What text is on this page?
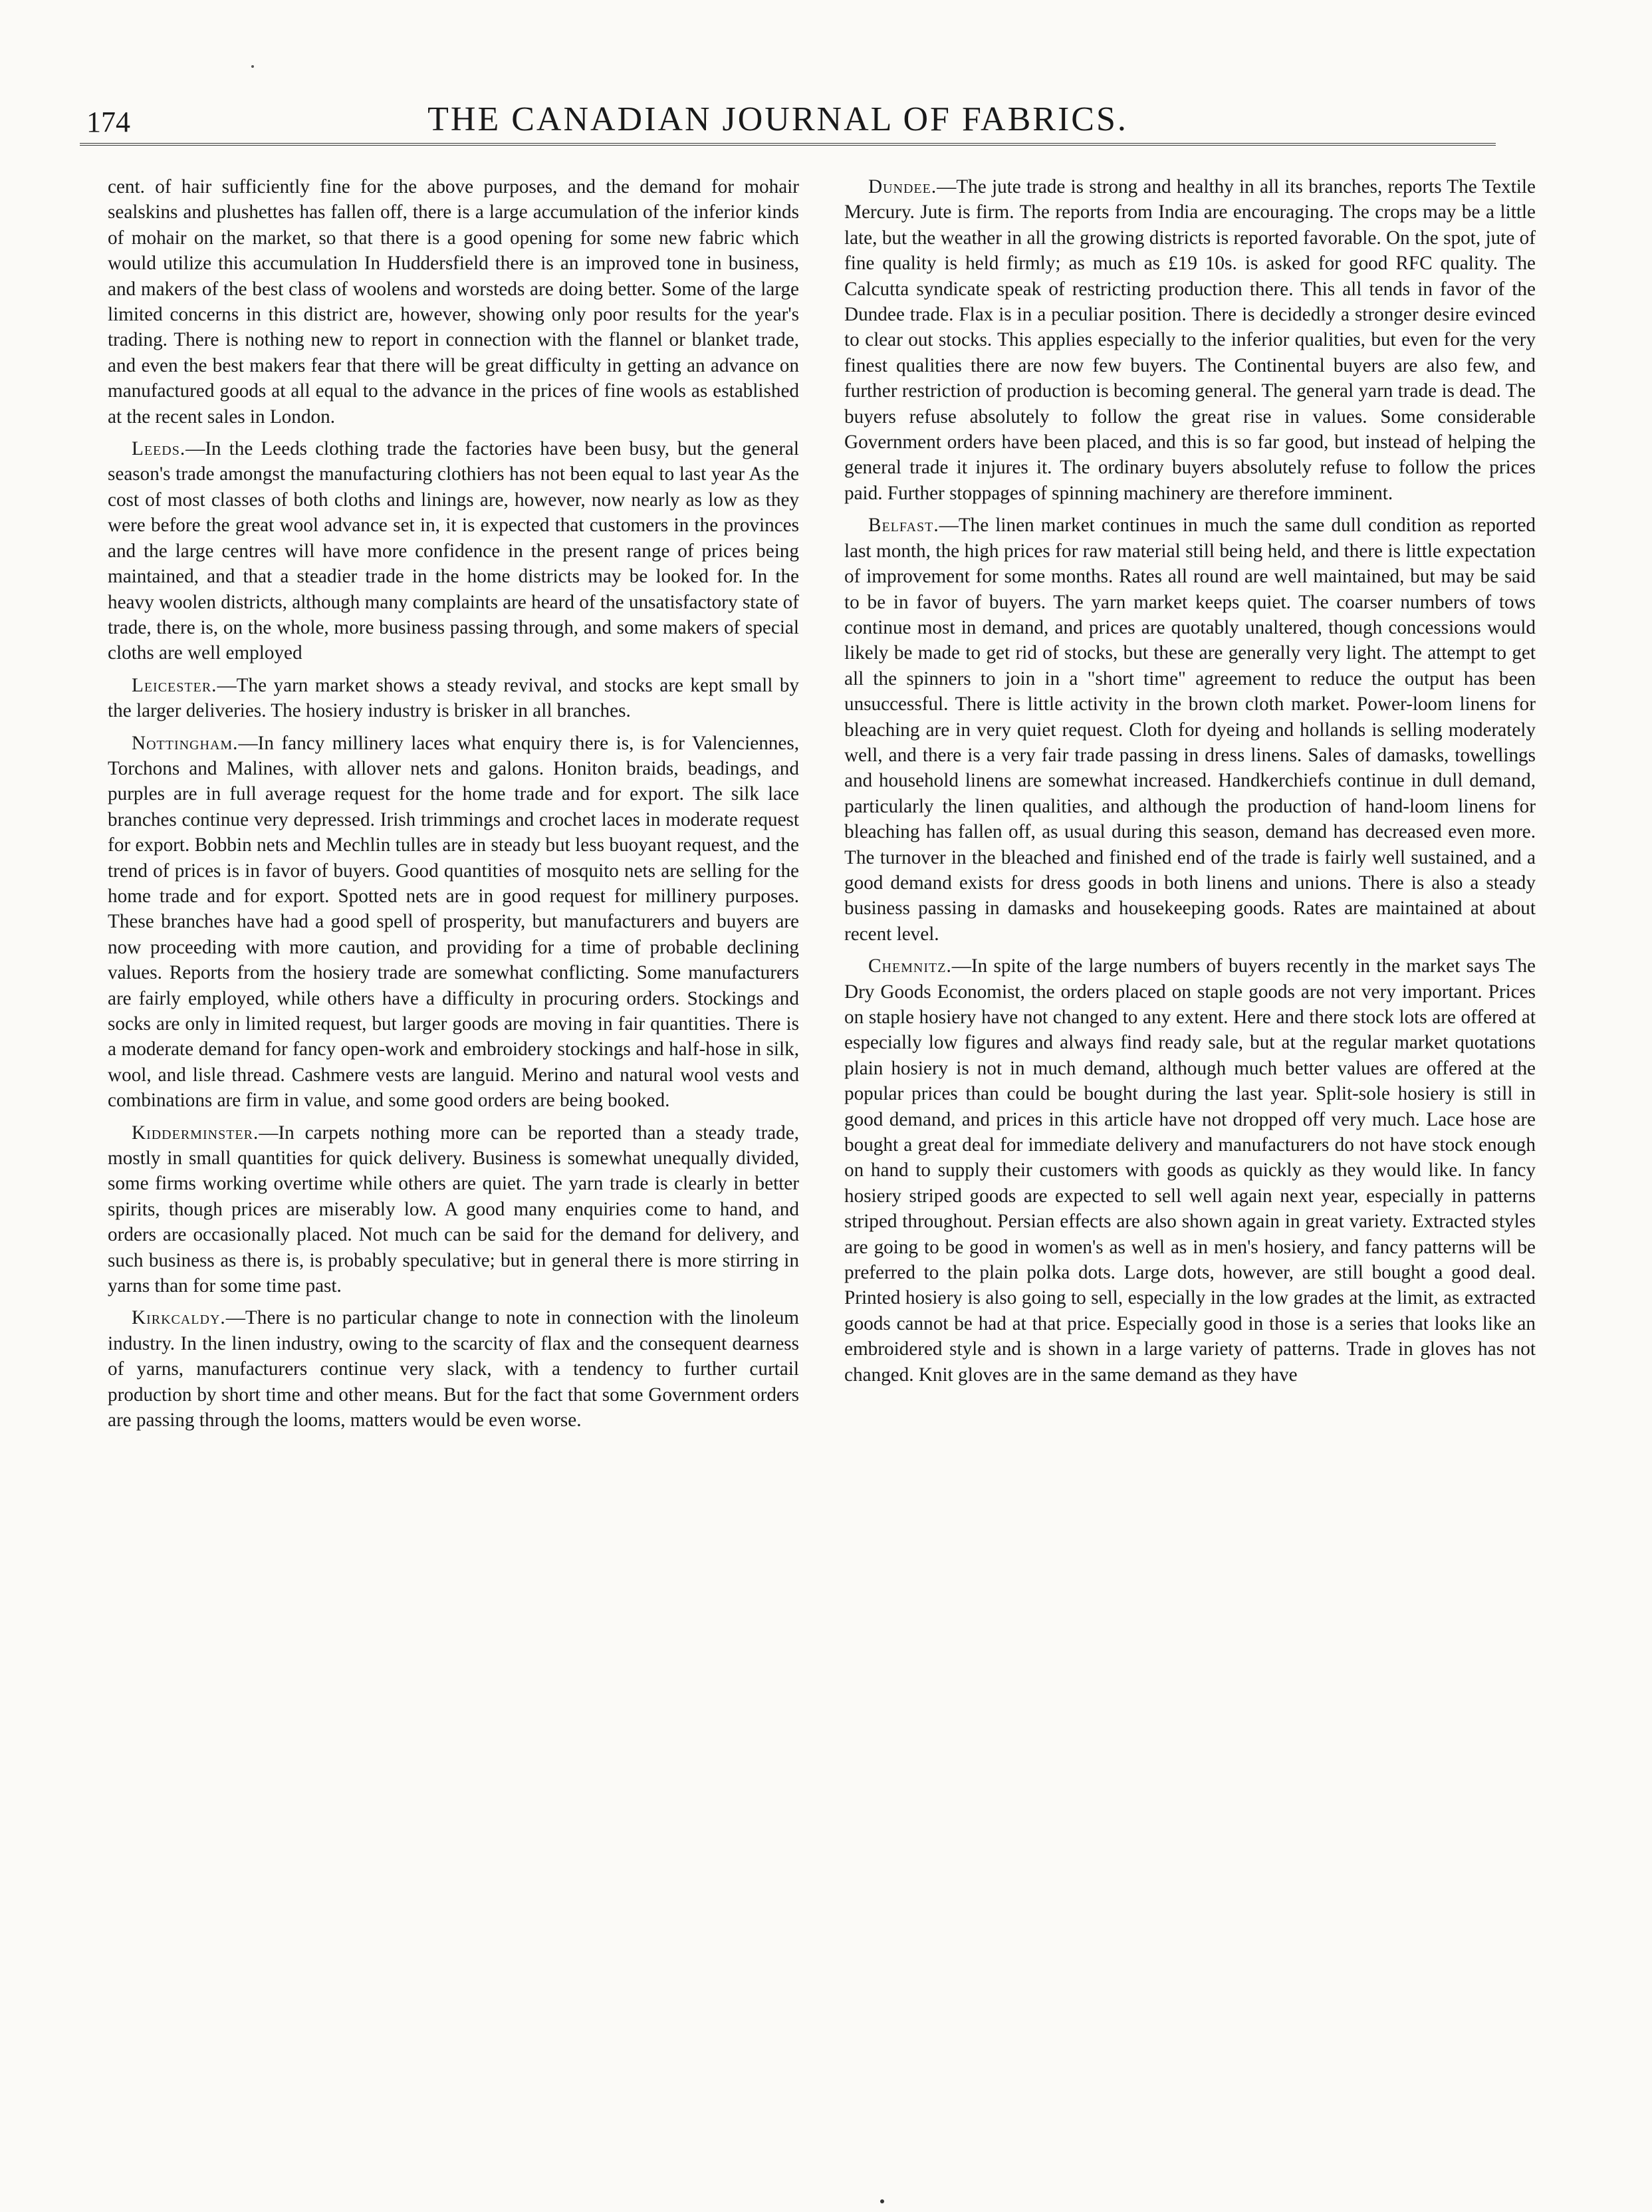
174	THE CANADIAN JOURNAL OF FABRICS.

cent. of hair sufficiently fine for the above purposes, and the demand for mohair sealskins and plushettes has fallen off, there is a large accumulation of the inferior kinds of mohair on the market, so that there is a good opening for some new fabric which would utilize this accumulation In Huddersfield there is an improved tone in business, and makers of the best class of woolens and worsteds are doing better. Some of the large limited concerns in this district are, however, showing only poor results for the year's trading. There is nothing new to report in connection with the flannel or blanket trade, and even the best makers fear that there will be great difficulty in getting an advance on manufactured goods at all equal to the advance in the prices of fine wools as established at the recent sales in London.

Leeds.—In the Leeds clothing trade the factories have been busy, but the general season's trade amongst the manufacturing clothiers has not been equal to last year As the cost of most classes of both cloths and linings are, however, now nearly as low as they were before the great wool advance set in, it is expected that customers in the provinces and the large centres will have more confidence in the present range of prices being maintained, and that a steadier trade in the home districts may be looked for. In the heavy woolen districts, although many complaints are heard of the unsatisfactory state of trade, there is, on the whole, more business passing through, and some makers of special cloths are well employed

Leicester.—The yarn market shows a steady revival, and stocks are kept small by the larger deliveries. The hosiery industry is brisker in all branches.

Nottingham.—In fancy millinery laces what enquiry there is, is for Valenciennes, Torchons and Malines, with allover nets and galons. Honiton braids, beadings, and purples are in full average request for the home trade and for export. The silk lace branches continue very depressed. Irish trimmings and crochet laces in moderate request for export. Bobbin nets and Mechlin tulles are in steady but less buoyant request, and the trend of prices is in favor of buyers. Good quantities of mosquito nets are selling for the home trade and for export. Spotted nets are in good request for millinery purposes. These branches have had a good spell of prosperity, but manufacturers and buyers are now proceeding with more caution, and providing for a time of probable declining values. Reports from the hosiery trade are somewhat conflicting. Some manufacturers are fairly employed, while others have a difficulty in procuring orders. Stockings and socks are only in limited request, but larger goods are moving in fair quantities. There is a moderate demand for fancy open-work and embroidery stockings and half-hose in silk, wool, and lisle thread. Cashmere vests are languid. Merino and natural wool vests and combinations are firm in value, and some good orders are being booked.

Kidderminster.—In carpets nothing more can be reported than a steady trade, mostly in small quantities for quick delivery. Business is somewhat unequally divided, some firms working overtime while others are quiet. The yarn trade is clearly in better spirits, though prices are miserably low. A good many enquiries come to hand, and orders are occasionally placed. Not much can be said for the demand for delivery, and such business as there is, is probably speculative; but in general there is more stirring in yarns than for some time past.

Kirkcaldy.—There is no particular change to note in connection with the linoleum industry. In the linen industry, owing to the scarcity of flax and the consequent dearness of yarns, manufacturers continue very slack, with a tendency to further curtail production by short time and other means. But for the fact that some Government orders are passing through the looms, matters would be even worse.

Dundee.—The jute trade is strong and healthy in all its branches, reports The Textile Mercury. Jute is firm. The reports from India are encouraging. The crops may be a little late, but the weather in all the growing districts is reported favorable. On the spot, jute of fine quality is held firmly; as much as £19 10s. is asked for good RFC quality. The Calcutta syndicate speak of restricting production there. This all tends in favor of the Dundee trade. Flax is in a peculiar position. There is decidedly a stronger desire evinced to clear out stocks. This applies especially to the inferior qualities, but even for the very finest qualities there are now few buyers. The Continental buyers are also few, and further restriction of production is becoming general. The general yarn trade is dead. The buyers refuse absolutely to follow the great rise in values. Some considerable Government orders have been placed, and this is so far good, but instead of helping the general trade it injures it. The ordinary buyers absolutely refuse to follow the prices paid. Further stoppages of spinning machinery are therefore imminent.

Belfast.—The linen market continues in much the same dull condition as reported last month, the high prices for raw material still being held, and there is little expectation of improvement for some months. Rates all round are well maintained, but may be said to be in favor of buyers. The yarn market keeps quiet. The coarser numbers of tows continue most in demand, and prices are quotably unaltered, though concessions would likely be made to get rid of stocks, but these are generally very light. The attempt to get all the spinners to join in a "short time" agreement to reduce the output has been unsuccessful. There is little activity in the brown cloth market. Power-loom linens for bleaching are in very quiet request. Cloth for dyeing and hollands is selling moderately well, and there is a very fair trade passing in dress linens. Sales of damasks, towellings and household linens are somewhat increased. Handkerchiefs continue in dull demand, particularly the linen qualities, and although the production of hand-loom linens for bleaching has fallen off, as usual during this season, demand has decreased even more. The turnover in the bleached and finished end of the trade is fairly well sustained, and a good demand exists for dress goods in both linens and unions. There is also a steady business passing in damasks and housekeeping goods. Rates are maintained at about recent level.

Chemnitz.—In spite of the large numbers of buyers recently in the market says The Dry Goods Economist, the orders placed on staple goods are not very important. Prices on staple hosiery have not changed to any extent. Here and there stock lots are offered at especially low figures and always find ready sale, but at the regular market quotations plain hosiery is not in much demand, although much better values are offered at the popular prices than could be bought during the last year. Split-sole hosiery is still in good demand, and prices in this article have not dropped off very much. Lace hose are bought a great deal for immediate delivery and manufacturers do not have stock enough on hand to supply their customers with goods as quickly as they would like. In fancy hosiery striped goods are expected to sell well again next year, especially in patterns striped throughout. Persian effects are also shown again in great variety. Extracted styles are going to be good in women's as well as in men's hosiery, and fancy patterns will be preferred to the plain polka dots. Large dots, however, are still bought a good deal. Printed hosiery is also going to sell, especially in the low grades at the limit, as extracted goods cannot be had at that price. Especially good in those is a series that looks like an embroidered style and is shown in a large variety of patterns. Trade in gloves has not changed. Knit gloves are in the same demand as they have
